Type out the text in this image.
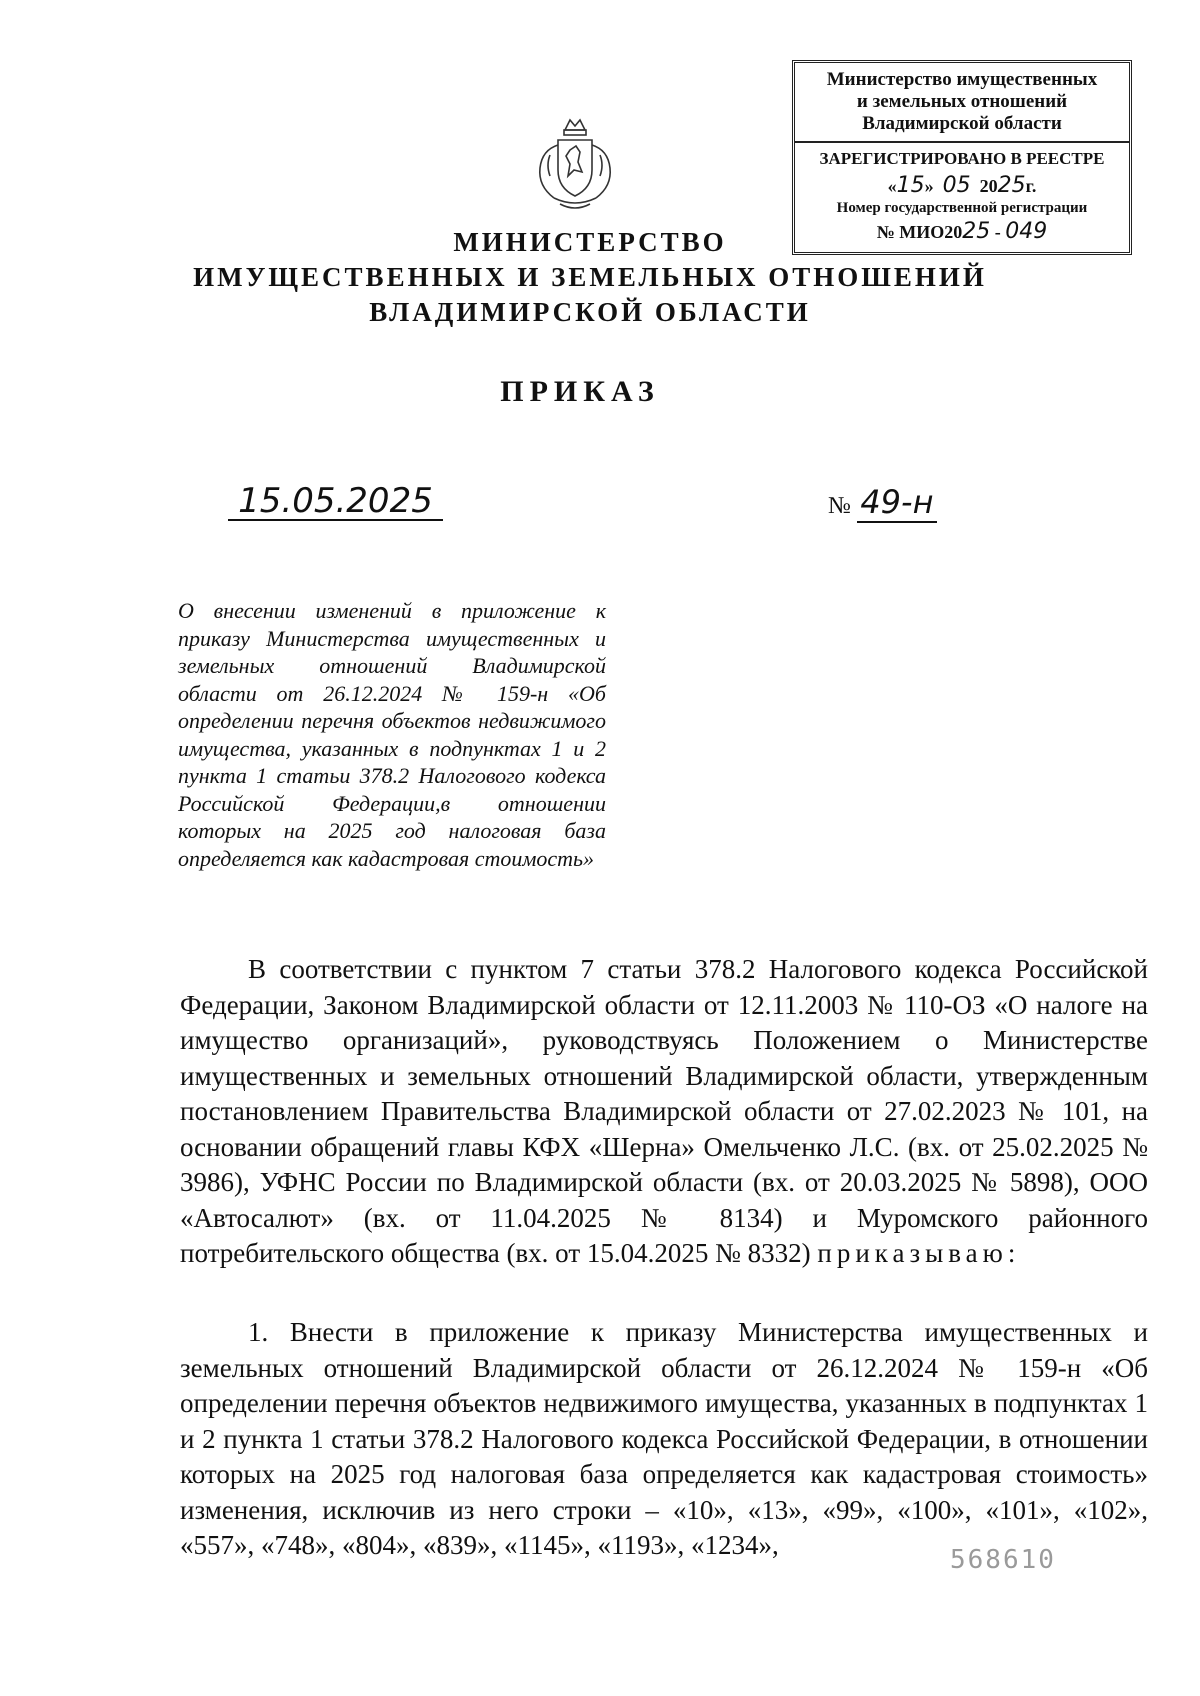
Министерство имущественных
и земельных отношений
Владимирской области
ЗАРЕГИСТРИРОВАНО В РЕЕСТРЕ
«15»  05 2025г.
Номер государственной регистрации
№ МИО2025 - 049
МИНИСТЕРСТВО
ИМУЩЕСТВЕННЫХ И ЗЕМЕЛЬНЫХ ОТНОШЕНИЙ
ВЛАДИМИРСКОЙ ОБЛАСТИ
ПРИКАЗ
15.05.2025	№ 49-н

О внесении изменений в приложение к приказу Министерства имущественных и земельных отношений Владимирской области от 26.12.2024 № 159-н «Об определении перечня объектов недвижимого имущества, указанных в подпунктах 1 и 2 пункта 1 статьи 378.2 Налогового кодекса Российской Федерации,в отношении которых на 2025 год налоговая база определяется как кадастровая стоимость»

В соответствии с пунктом 7 статьи 378.2 Налогового кодекса Российской Федерации, Законом Владимирской области от 12.11.2003 № 110-ОЗ «О налоге на имущество организаций», руководствуясь Положением о Министерстве имущественных и земельных отношений Владимирской области, утвержденным постановлением Правительства Владимирской области от 27.02.2023 № 101, на основании обращений главы КФХ «Шерна» Омельченко Л.С. (вх. от 25.02.2025 № 3986), УФНС России по Владимирской области (вх. от 20.03.2025 № 5898), ООО «Автосалют» (вх. от 11.04.2025 № 8134) и Муромского районного потребительского общества (вх. от 15.04.2025 № 8332) приказываю:

1. Внести в приложение к приказу Министерства имущественных и земельных отношений Владимирской области от 26.12.2024 № 159-н «Об определении перечня объектов недвижимого имущества, указанных в подпунктах 1 и 2 пункта 1 статьи 378.2 Налогового кодекса Российской Федерации, в отношении которых на 2025 год налоговая база определяется как кадастровая стоимость» изменения, исключив из него строки – «10», «13», «99», «100», «101», «102», «557», «748», «804», «839», «1145», «1193», «1234»,	568610
